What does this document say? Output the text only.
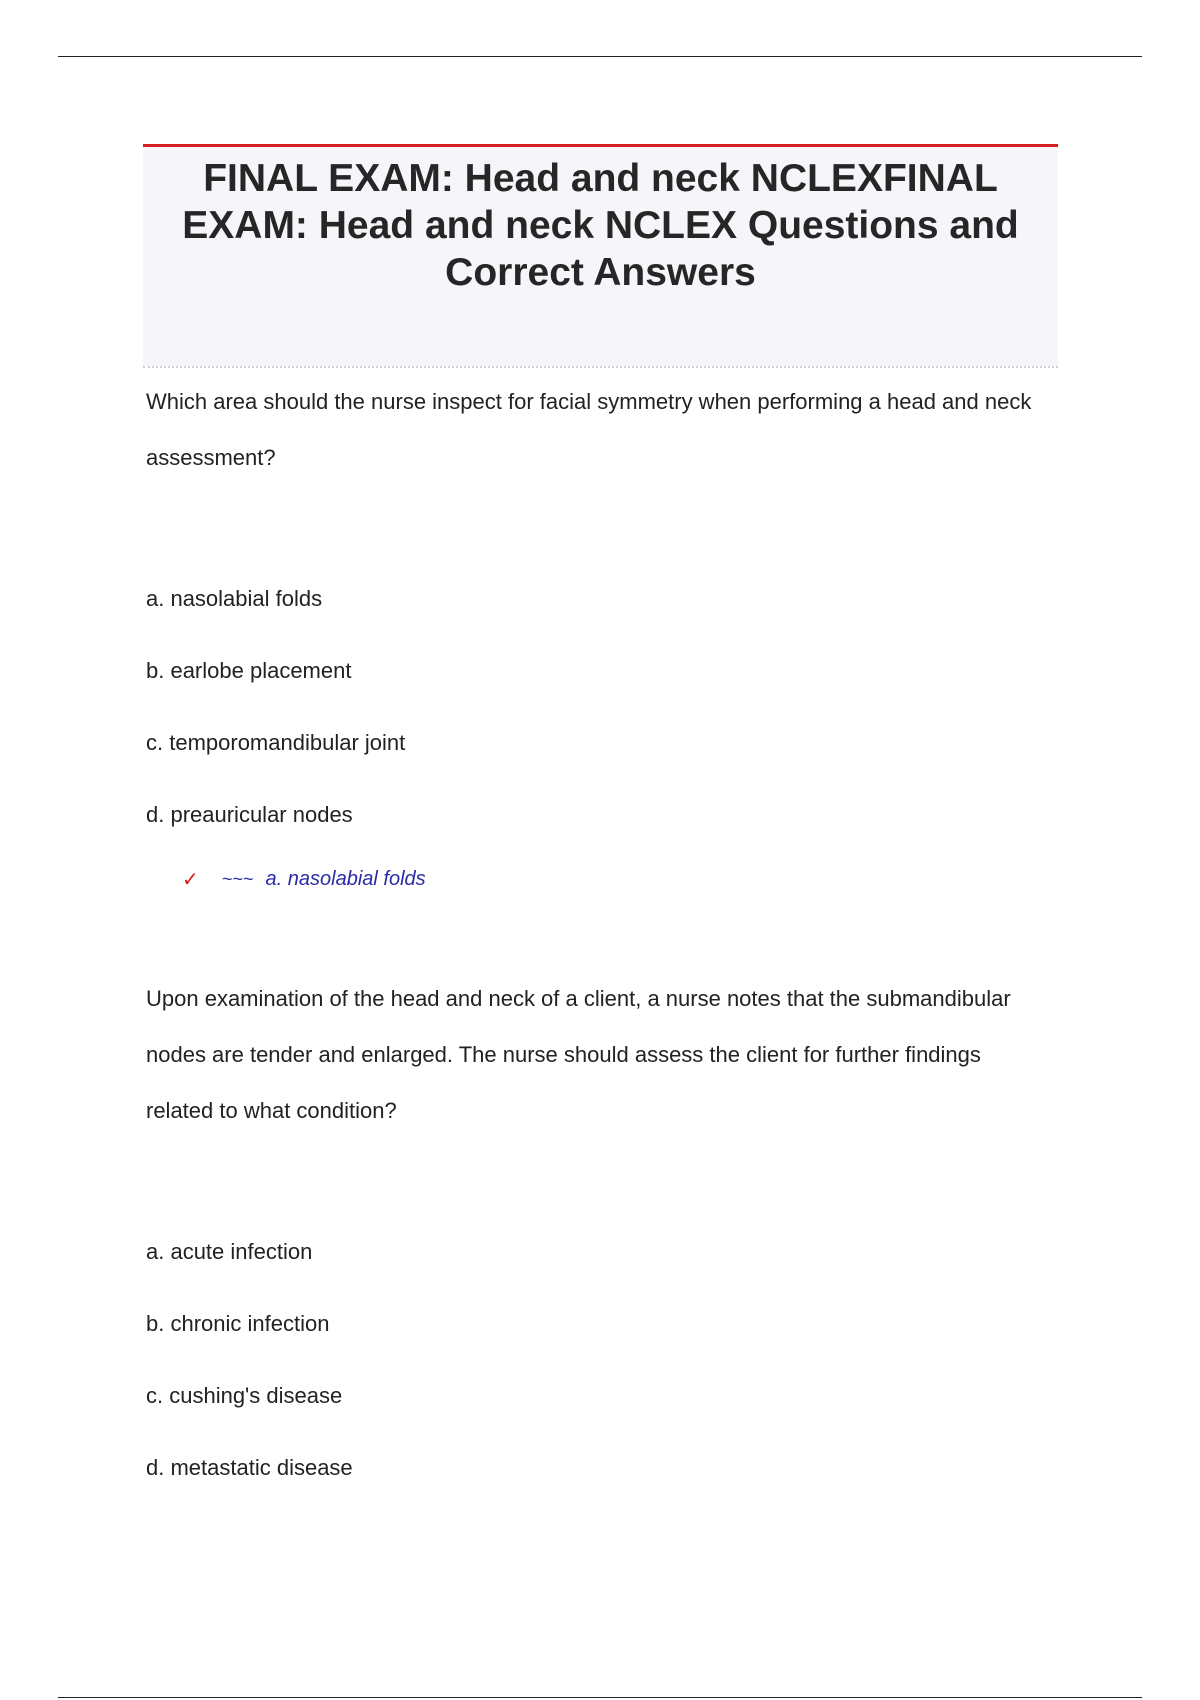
FINAL EXAM: Head and neck NCLEXFINAL EXAM: Head and neck NCLEX Questions and Correct Answers

Which area should the nurse inspect for facial symmetry when performing a head and neck assessment?

a. nasolabial folds
b. earlobe placement
c. temporomandibular joint
d. preauricular nodes
✓	~~~ a. nasolabial folds

Upon examination of the head and neck of a client, a nurse notes that the submandibular nodes are tender and enlarged. The nurse should assess the client for further findings related to what condition?

a. acute infection
b. chronic infection
c. cushing's disease
d. metastatic disease
